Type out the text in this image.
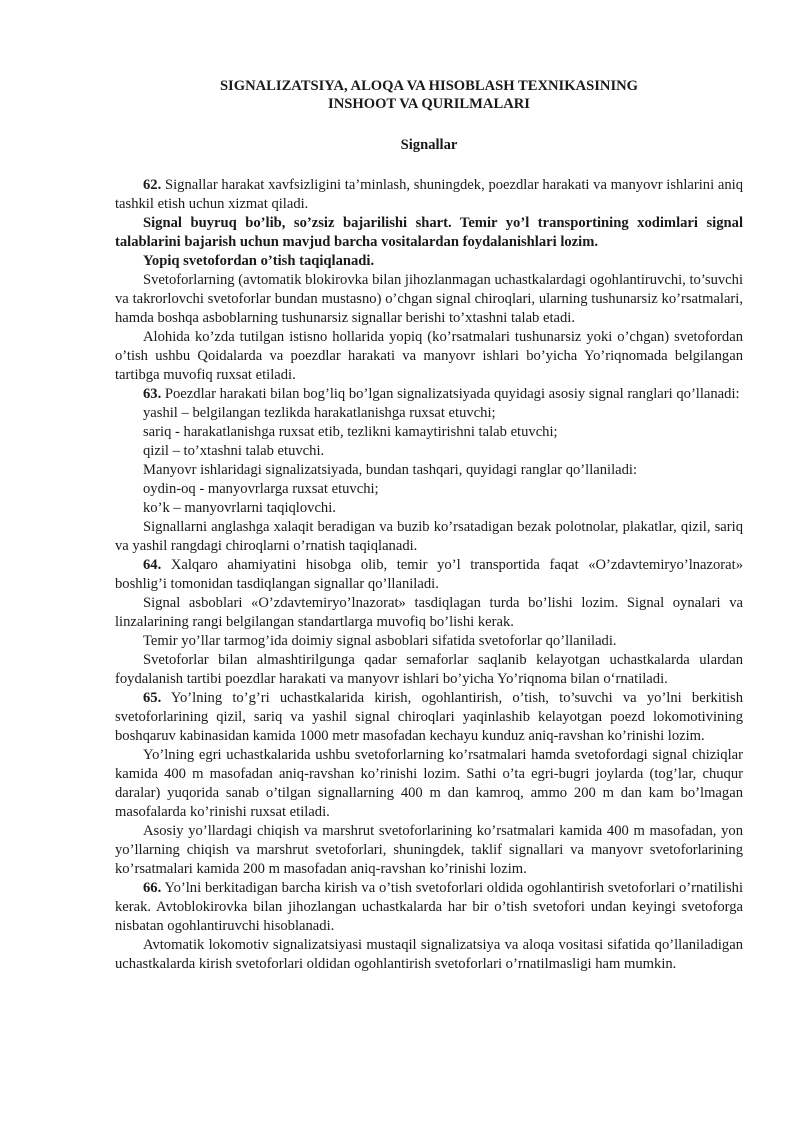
SIGNALIZATSIYA, ALOQA VA HISOBLASH TEXNIKASINING
INSHOOT VA QURILMALARI

Signallar

62. Signallar harakat xavfsizligini ta’minlash, shuningdek, poezdlar harakati va manyovr ishlarini aniq tashkil etish uchun xizmat qiladi.

Signal buyruq bo’lib, so’zsiz bajarilishi shart. Temir yo’l transportining xodimlari signal talablarini bajarish uchun mavjud barcha vositalardan foydalanishlari lozim.

Yopiq svetofordan o’tish taqiqlanadi.

Svetoforlarning (avtomatik blokirovka bilan jihozlanmagan uchastkalardagi ogohlantiruvchi, to’suvchi va takrorlovchi svetoforlar bundan mustasno) o’chgan signal chiroqlari, ularning tushunarsiz ko’rsatmalari, hamda boshqa asboblarning tushunarsiz signallar berishi to’xtashni talab etadi.

Alohida ko’zda tutilgan istisno hollarida yopiq (ko’rsatmalari tushunarsiz yoki o’chgan) svetofordan o’tish ushbu Qoidalarda va poezdlar harakati va manyovr ishlari bo’yicha Yo’riqnomada belgilangan tartibga muvofiq ruxsat etiladi.

63. Poezdlar harakati bilan bog’liq bo’lgan signalizatsiyada quyidagi asosiy signal ranglari qo’llanadi:

yashil – belgilangan tezlikda harakatlanishga ruxsat etuvchi;

sariq - harakatlanishga ruxsat etib, tezlikni kamaytirishni talab etuvchi;

qizil – to’xtashni talab etuvchi.

Manyovr ishlaridagi signalizatsiyada, bundan tashqari, quyidagi ranglar qo’llaniladi:

oydin-oq - manyovrlarga ruxsat etuvchi;

ko’k – manyovrlarni taqiqlovchi.

Signallarni anglashga xalaqit beradigan va buzib ko’rsatadigan bezak polotnolar, plakatlar, qizil, sariq va yashil rangdagi chiroqlarni o’rnatish taqiqlanadi.

64. Xalqaro ahamiyatini hisobga olib, temir yo’l transportida faqat «O’zdavtemiryo’lnazorat» boshlig’i tomonidan tasdiqlangan signallar qo’llaniladi.

Signal asboblari «O’zdavtemiryo’lnazorat» tasdiqlagan turda bo’lishi lozim. Signal oynalari va linzalarining rangi belgilangan standartlarga muvofiq bo’lishi kerak.

Temir yo’llar tarmog’ida doimiy signal asboblari sifatida svetoforlar qo’llaniladi.

Svetoforlar bilan almashtirilgunga qadar semaforlar saqlanib kelayotgan uchastkalarda ulardan foydalanish tartibi poezdlar harakati va manyovr ishlari bo’yicha Yo’riqnoma bilan o‘rnatiladi.

65. Yo’lning to’g’ri uchastkalarida kirish, ogohlantirish, o’tish, to’suvchi va yo’lni berkitish svetoforlarining qizil, sariq va yashil signal chiroqlari yaqinlashib kelayotgan poezd lokomotivining boshqaruv kabinasidan kamida 1000 metr masofadan kechayu kunduz aniq-ravshan ko’rinishi lozim.

Yo’lning egri uchastkalarida ushbu svetoforlarning ko’rsatmalari hamda svetofordagi signal chiziqlar kamida 400 m masofadan aniq-ravshan ko’rinishi lozim. Sathi o’ta egri-bugri joylarda (tog’lar, chuqur daralar) yuqorida sanab o’tilgan signallarning 400 m dan kamroq, ammo 200 m dan kam bo’lmagan masofalarda ko’rinishi ruxsat etiladi.

Asosiy yo’llardagi chiqish va marshrut svetoforlarining ko’rsatmalari kamida 400 m masofadan, yon yo’llarning chiqish va marshrut svetoforlari, shuningdek, taklif signallari va manyovr svetoforlarining ko’rsatmalari kamida 200 m masofadan aniq-ravshan ko’rinishi lozim.

66. Yo’lni berkitadigan barcha kirish va o’tish svetoforlari oldida ogohlantirish svetoforlari o’rnatilishi kerak. Avtoblokirovka bilan jihozlangan uchastkalarda har bir o’tish svetofori undan keyingi svetoforga nisbatan ogohlantiruvchi hisoblanadi.

Avtomatik lokomotiv signalizatsiyasi mustaqil signalizatsiya va aloqa vositasi sifatida qo’llaniladigan uchastkalarda kirish svetoforlari oldidan ogohlantirish svetoforlari o’rnatilmasligi ham mumkin.
